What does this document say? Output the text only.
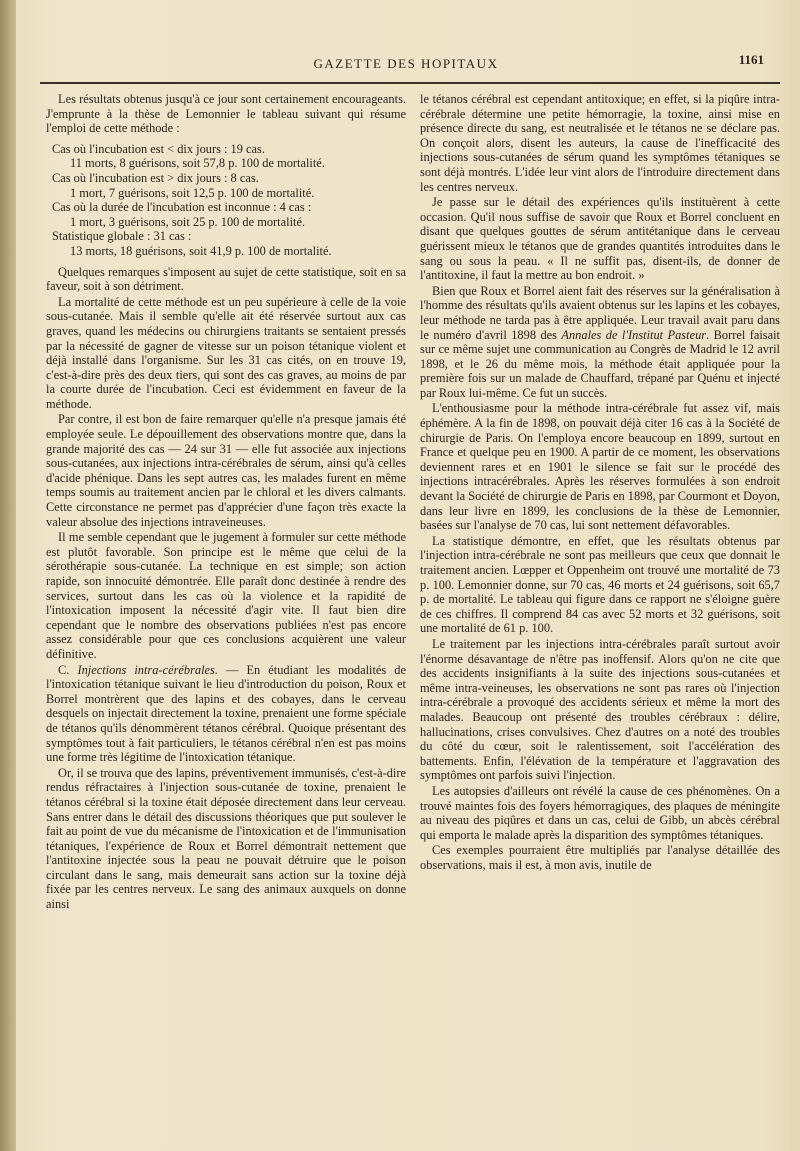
GAZETTE DES HOPITAUX	1161

Les résultats obtenus jusqu'à ce jour sont certainement encourageants. J'emprunte à la thèse de Lemonnier le tableau suivant qui résume l'emploi de cette méthode :

Cas où l'incubation est < dix jours : 19 cas.
11 morts, 8 guérisons, soit 57,8 p. 100 de mortalité.
Cas où l'incubation est > dix jours : 8 cas.
1 mort, 7 guérisons, soit 12,5 p. 100 de mortalité.
Cas où la durée de l'incubation est inconnue : 4 cas :
1 mort, 3 guérisons, soit 25 p. 100 de mortalité.
Statistique globale : 31 cas :
13 morts, 18 guérisons, soit 41,9 p. 100 de mortalité.

Quelques remarques s'imposent au sujet de cette statistique, soit en sa faveur, soit à son détriment.

La mortalité de cette méthode est un peu supérieure à celle de la voie sous-cutanée. Mais il semble qu'elle ait été réservée surtout aux cas graves, quand les médecins ou chirurgiens traitants se sentaient pressés par la nécessité de gagner de vitesse sur un poison tétanique violent et déjà installé dans l'organisme. Sur les 31 cas cités, on en trouve 19, c'est-à-dire près des deux tiers, qui sont des cas graves, au moins de par la courte durée de l'incubation. Ceci est évidemment en faveur de la méthode.

Par contre, il est bon de faire remarquer qu'elle n'a presque jamais été employée seule. Le dépouillement des observations montre que, dans la grande majorité des cas — 24 sur 31 — elle fut associée aux injections sous-cutanées, aux injections intra-cérébrales de sérum, ainsi qu'à celles d'acide phénique. Dans les sept autres cas, les malades furent en même temps soumis au traitement ancien par le chloral et les divers calmants. Cette circonstance ne permet pas d'apprécier d'une façon très exacte la valeur absolue des injections intraveineuses.

Il me semble cependant que le jugement à formuler sur cette méthode est plutôt favorable. Son principe est le même que celui de la sérothérapie sous-cutanée. La technique en est simple; son action rapide, son innocuité démontrée. Elle paraît donc destinée à rendre des services, surtout dans les cas où la violence et la rapidité de l'intoxication imposent la nécessité d'agir vite. Il faut bien dire cependant que le nombre des observations publiées n'est pas encore assez considérable pour que ces conclusions acquièrent une valeur définitive.

C. Injections intra-cérébrales. — En étudiant les modalités de l'intoxication tétanique suivant le lieu d'introduction du poison, Roux et Borrel montrèrent que des lapins et des cobayes, dans le cerveau desquels on injectait directement la toxine, prenaient une forme spéciale de tétanos qu'ils dénommèrent tétanos cérébral. Quoique présentant des symptômes tout à fait particuliers, le tétanos cérébral n'en est pas moins une forme très légitime de l'intoxication tétanique.

Or, il se trouva que des lapins, préventivement immunisés, c'est-à-dire rendus réfractaires à l'injection sous-cutanée de toxine, prenaient le tétanos cérébral si la toxine était déposée directement dans leur cerveau. Sans entrer dans le détail des discussions théoriques que put soulever le fait au point de vue du mécanisme de l'intoxication et de l'immunisation tétaniques, l'expérience de Roux et Borrel démontrait nettement que l'antitoxine injectée sous la peau ne pouvait détruire que le poison circulant dans le sang, mais demeurait sans action sur la toxine déjà fixée par les centres nerveux. Le sang des animaux auxquels on donne ainsi

le tétanos cérébral est cependant antitoxique; en effet, si la piqûre intra-cérébrale détermine une petite hémorragie, la toxine, ainsi mise en présence directe du sang, est neutralisée et le tétanos ne se déclare pas. On conçoit alors, disent les auteurs, la cause de l'inefficacité des injections sous-cutanées de sérum quand les symptômes tétaniques se sont déjà montrés. L'idée leur vint alors de l'introduire directement dans les centres nerveux.

Je passe sur le détail des expériences qu'ils instituèrent à cette occasion. Qu'il nous suffise de savoir que Roux et Borrel concluent en disant que quelques gouttes de sérum antitétanique dans le cerveau guérissent mieux le tétanos que de grandes quantités introduites dans le sang ou sous la peau. « Il ne suffit pas, disent-ils, de donner de l'antitoxine, il faut la mettre au bon endroit. »

Bien que Roux et Borrel aient fait des réserves sur la généralisation à l'homme des résultats qu'ils avaient obtenus sur les lapins et les cobayes, leur méthode ne tarda pas à être appliquée. Leur travail avait paru dans le numéro d'avril 1898 des Annales de l'Institut Pasteur. Borrel faisait sur ce même sujet une communication au Congrès de Madrid le 12 avril 1898, et le 26 du même mois, la méthode était appliquée pour la première fois sur un malade de Chauffard, trépané par Quénu et injecté par Roux lui-même. Ce fut un succès.

L'enthousiasme pour la méthode intra-cérébrale fut assez vif, mais éphémère. A la fin de 1898, on pouvait déjà citer 16 cas à la Société de chirurgie de Paris. On l'employa encore beaucoup en 1899, surtout en France et quelque peu en 1900. A partir de ce moment, les observations deviennent rares et en 1901 le silence se fait sur le procédé des injections intracérébrales. Après les réserves formulées à son endroit devant la Société de chirurgie de Paris en 1898, par Courmont et Doyon, dans leur livre en 1899, les conclusions de la thèse de Lemonnier, basées sur l'analyse de 70 cas, lui sont nettement défavorables.

La statistique démontre, en effet, que les résultats obtenus par l'injection intra-cérébrale ne sont pas meilleurs que ceux que donnait le traitement ancien. Lœpper et Oppenheim ont trouvé une mortalité de 73 p. 100. Lemonnier donne, sur 70 cas, 46 morts et 24 guérisons, soit 65,7 p. de mortalité. Le tableau qui figure dans ce rapport ne s'éloigne guère de ces chiffres. Il comprend 84 cas avec 52 morts et 32 guérisons, soit une mortalité de 61 p. 100.

Le traitement par les injections intra-cérébrales paraît surtout avoir l'énorme désavantage de n'être pas inoffensif. Alors qu'on ne cite que des accidents insignifiants à la suite des injections sous-cutanées et même intra-veineuses, les observations ne sont pas rares où l'injection intra-cérébrale a provoqué des accidents sérieux et même la mort des malades. Beaucoup ont présenté des troubles cérébraux : délire, hallucinations, crises convulsives. Chez d'autres on a noté des troubles du côté du cœur, soit le ralentissement, soit l'accélération des battements. Enfin, l'élévation de la température et l'aggravation des symptômes ont parfois suivi l'injection.

Les autopsies d'ailleurs ont révélé la cause de ces phénomènes. On a trouvé maintes fois des foyers hémorragiques, des plaques de méningite au niveau des piqûres et dans un cas, celui de Gibb, un abcès cérébral qui emporta le malade après la disparition des symptômes tétaniques.

Ces exemples pourraient être multipliés par l'analyse détaillée des observations, mais il est, à mon avis, inutile de
